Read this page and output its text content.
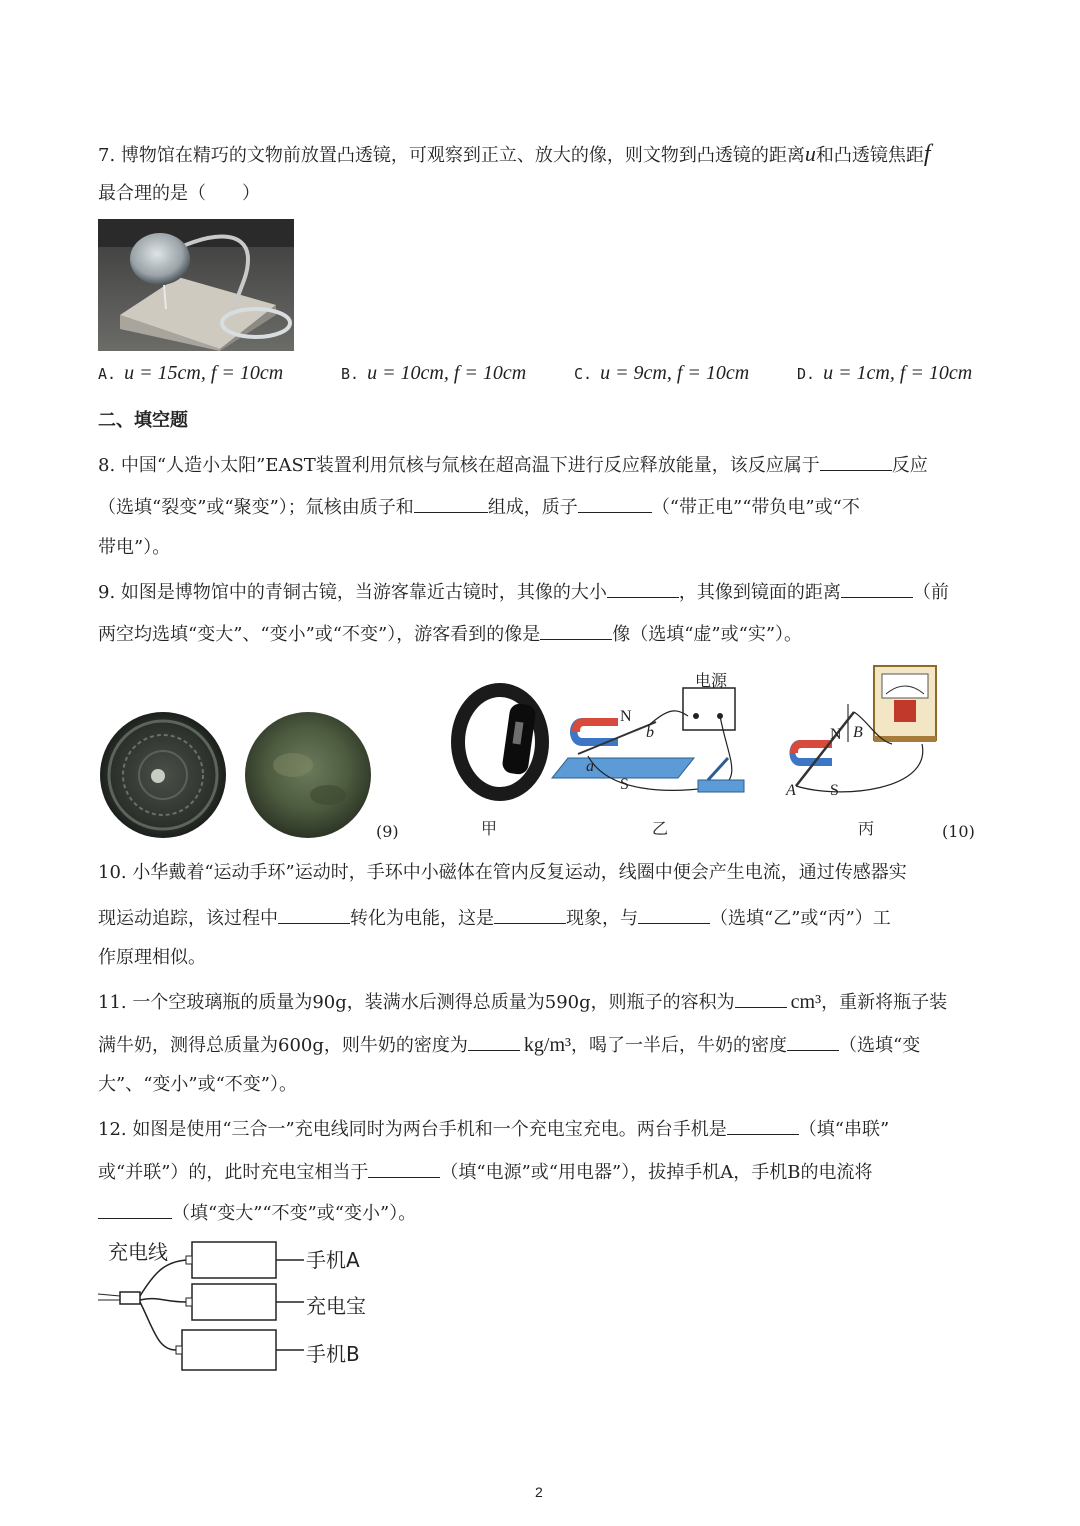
7. 博物馆在精巧的文物前放置凸透镜，可观察到正立、放大的像，则文物到凸透镜的距离u和凸透镜焦距f
最合理的是（　　）
A. u = 15cm, f = 10cm	B. u = 10cm, f = 10cm	C. u = 9cm, f = 10cm	D. u = 1cm, f = 10cm
二、填空题
8. 中国“人造小太阳”EAST装置利用氘核与氚核在超高温下进行反应释放能量，该反应属于	反应
（选填“裂变”或“聚变”）；氚核由质子和	组成，质子	（“带正电”“带负电”或“不
带电”）。
9. 如图是博物馆中的青铜古镜，当游客靠近古镜时，其像的大小	，其像到镜面的距离	（前
两空均选填“变大”、“变小”或“不变”），游客看到的像是	像（选填“虚”或“实”）。
(9)	甲
电源
N
b
a
S
乙
N B
A S
丙	(10)
10. 小华戴着“运动手环”运动时，手环中小磁体在管内反复运动，线圈中便会产生电流，通过传感器实
现运动追踪，该过程中	转化为电能，这是	现象，与	（选填“乙”或“丙”）工
作原理相似。
11. 一个空玻璃瓶的质量为90g，装满水后测得总质量为590g，则瓶子的容积为	cm³，重新将瓶子装
满牛奶，测得总质量为600g，则牛奶的密度为	kg/m³，喝了一半后，牛奶的密度	（选填“变
大”、“变小”或“不变”）。
12. 如图是使用“三合一”充电线同时为两台手机和一个充电宝充电。两台手机是	（填“串联”
或“并联”）的，此时充电宝相当于	（填“电源”或“用电器”），拔掉手机A，手机B的电流将
（填“变大”“不变”或“变小”）。
充电线	手机A
充电宝
手机B
2
